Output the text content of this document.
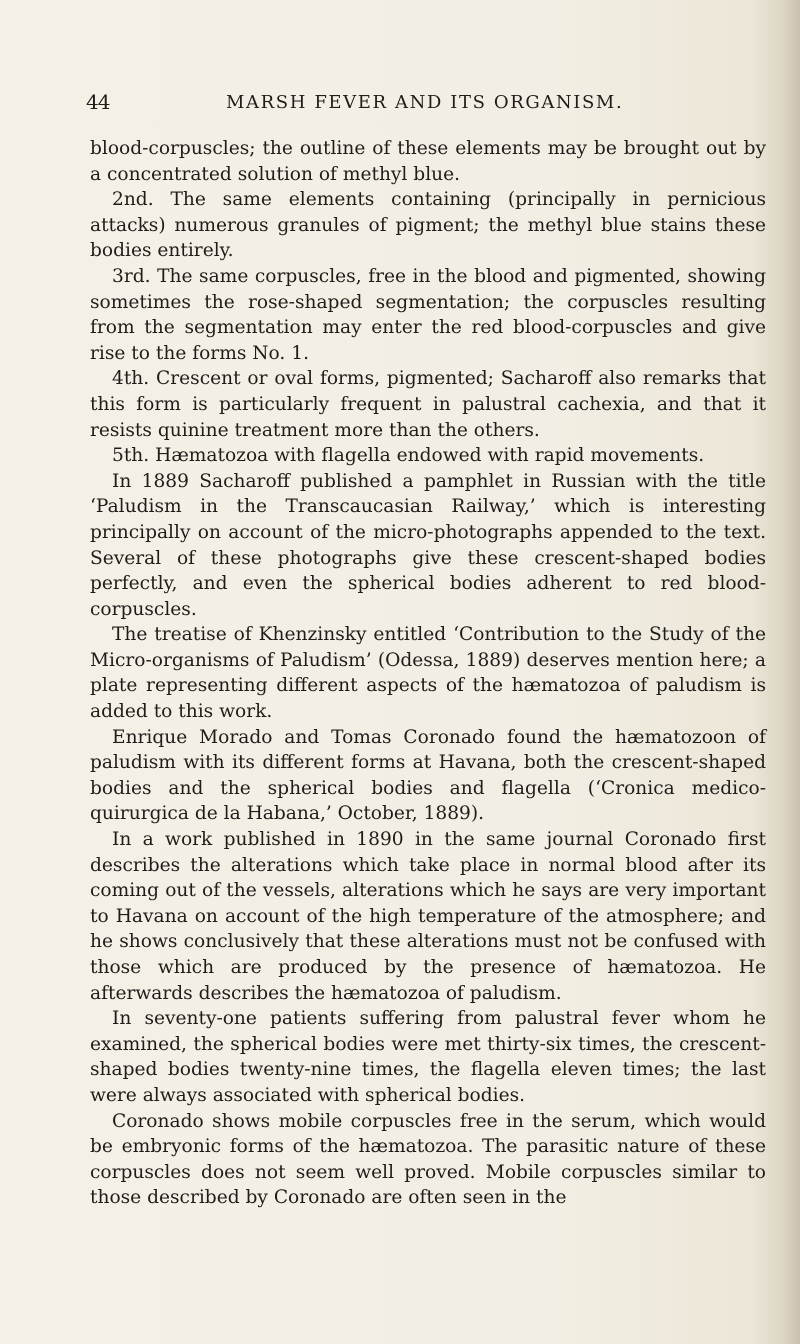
44	MARSH FEVER AND ITS ORGANISM.

blood-corpuscles; the outline of these elements may be brought out by a concentrated solution of methyl blue.

2nd. The same elements containing (principally in pernicious attacks) numerous granules of pigment; the methyl blue stains these bodies entirely.

3rd. The same corpuscles, free in the blood and pigmented, showing sometimes the rose-shaped segmentation; the corpuscles resulting from the segmentation may enter the red blood-corpuscles and give rise to the forms No. 1.

4th. Crescent or oval forms, pigmented; Sacharoff also remarks that this form is particularly frequent in palustral cachexia, and that it resists quinine treatment more than the others.

5th. Hæmatozoa with flagella endowed with rapid movements.

In 1889 Sacharoff published a pamphlet in Russian with the title ‘Paludism in the Transcaucasian Railway,’ which is interesting principally on account of the micro-photographs appended to the text. Several of these photographs give these crescent-shaped bodies perfectly, and even the spherical bodies adherent to red blood-corpuscles.

The treatise of Khenzinsky entitled ‘Contribution to the Study of the Micro-organisms of Paludism’ (Odessa, 1889) deserves mention here; a plate representing different aspects of the hæmatozoa of paludism is added to this work.

Enrique Morado and Tomas Coronado found the hæmatozoon of paludism with its different forms at Havana, both the crescent-shaped bodies and the spherical bodies and flagella (‘Cronica medico-quirurgica de la Habana,’ October, 1889).

In a work published in 1890 in the same journal Coronado first describes the alterations which take place in normal blood after its coming out of the vessels, alterations which he says are very important to Havana on account of the high temperature of the atmosphere; and he shows conclusively that these alterations must not be confused with those which are produced by the presence of hæmatozoa. He afterwards describes the hæmatozoa of paludism.

In seventy-one patients suffering from palustral fever whom he examined, the spherical bodies were met thirty-six times, the crescent-shaped bodies twenty-nine times, the flagella eleven times; the last were always associated with spherical bodies.

Coronado shows mobile corpuscles free in the serum, which would be embryonic forms of the hæmatozoa. The parasitic nature of these corpuscles does not seem well proved. Mobile corpuscles similar to those described by Coronado are often seen in the
